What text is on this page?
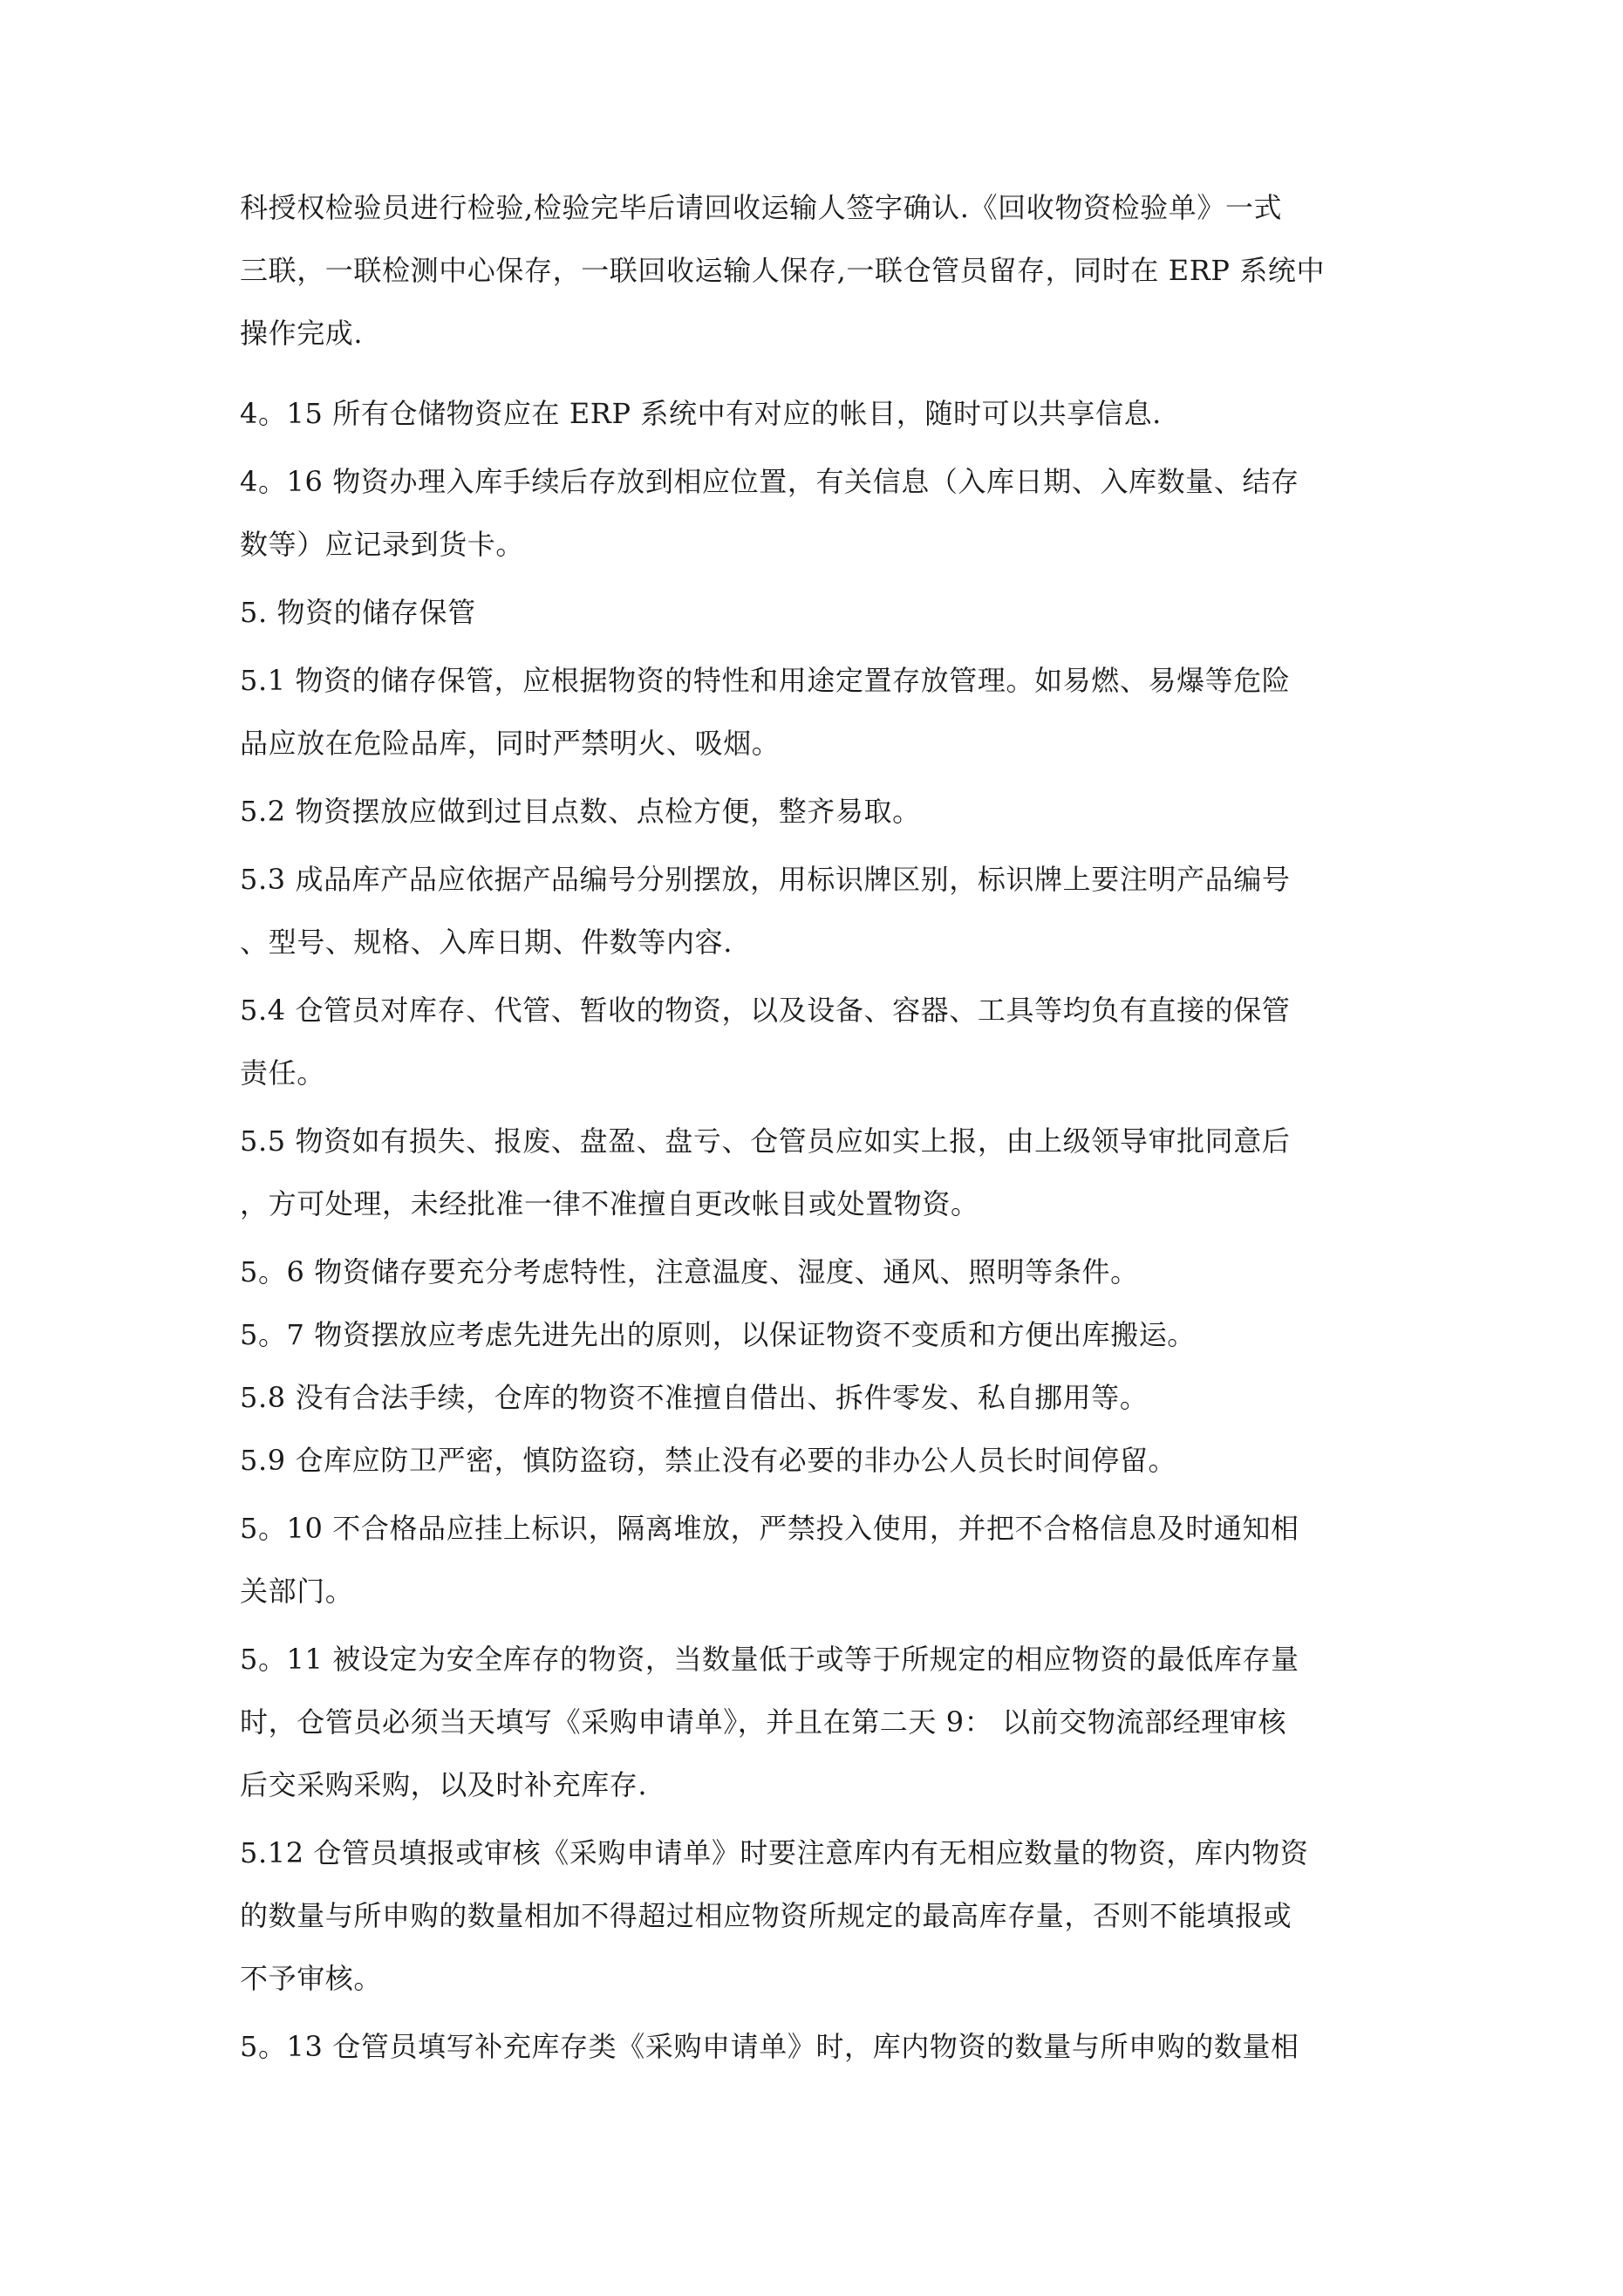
科授权检验员进行检验,检验完毕后请回收运输人签字确认.《回收物资检验单》一式
三联，一联检测中心保存，一联回收运输人保存,一联仓管员留存，同时在 ERP 系统中
操作完成.
4。15 所有仓储物资应在 ERP 系统中有对应的帐目，随时可以共享信息.
4。16 物资办理入库手续后存放到相应位置，有关信息（入库日期、入库数量、结存
数等）应记录到货卡。
5. 物资的储存保管
5.1 物资的储存保管，应根据物资的特性和用途定置存放管理。如易燃、易爆等危险
品应放在危险品库，同时严禁明火、吸烟。
5.2 物资摆放应做到过目点数、点检方便，整齐易取。
5.3 成品库产品应依据产品编号分别摆放，用标识牌区别，标识牌上要注明产品编号
、型号、规格、入库日期、件数等内容.
5.4 仓管员对库存、代管、暂收的物资，以及设备、容器、工具等均负有直接的保管
责任。
5.5 物资如有损失、报废、盘盈、盘亏、仓管员应如实上报，由上级领导审批同意后
，方可处理，未经批准一律不准擅自更改帐目或处置物资。
5。6 物资储存要充分考虑特性，注意温度、湿度、通风、照明等条件。
5。7 物资摆放应考虑先进先出的原则，以保证物资不变质和方便出库搬运。
5.8 没有合法手续，仓库的物资不准擅自借出、拆件零发、私自挪用等。
5.9 仓库应防卫严密，慎防盗窃，禁止没有必要的非办公人员长时间停留。
5。10 不合格品应挂上标识，隔离堆放，严禁投入使用，并把不合格信息及时通知相
关部门。
5。11 被设定为安全库存的物资，当数量低于或等于所规定的相应物资的最低库存量
时，仓管员必须当天填写《采购申请单》，并且在第二天 9： 以前交物流部经理审核
后交采购采购，以及时补充库存.
5.12 仓管员填报或审核《采购申请单》时要注意库内有无相应数量的物资，库内物资
的数量与所申购的数量相加不得超过相应物资所规定的最高库存量，否则不能填报或
不予审核。
5。13 仓管员填写补充库存类《采购申请单》时，库内物资的数量与所申购的数量相
